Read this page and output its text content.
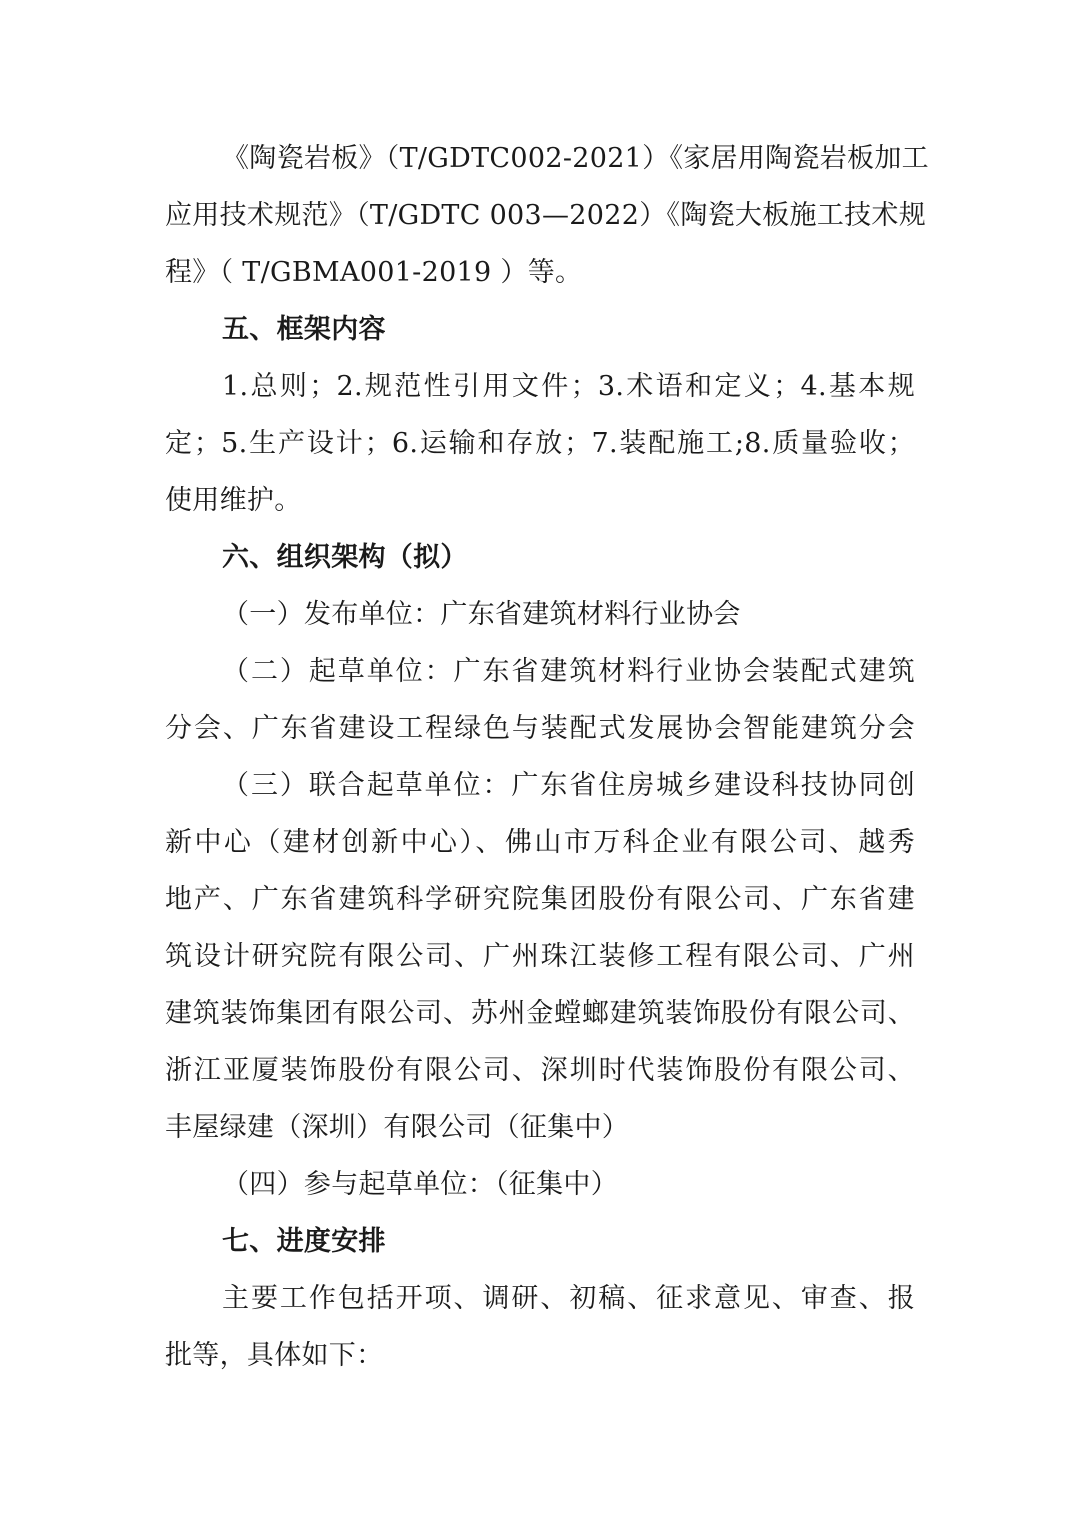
《陶瓷岩板》（T/GDTC002-2021）《家居用陶瓷岩板加工
应用技术规范》（T/GDTC 003—2022）《陶瓷大板施工技术规
程》（ T/GBMA001-2019 ）等。
五、框架内容
1.总则；2.规范性引用文件；3.术语和定义；4.基本规
定；5.生产设计；6.运输和存放；7.装配施工;8.质量验收；
使用维护。
六、组织架构（拟）
（一）发布单位：广东省建筑材料行业协会
（二）起草单位：广东省建筑材料行业协会装配式建筑
分会、广东省建设工程绿色与装配式发展协会智能建筑分会
（三）联合起草单位：广东省住房城乡建设科技协同创
新中心（建材创新中心）、佛山市万科企业有限公司、越秀
地产、广东省建筑科学研究院集团股份有限公司、广东省建
筑设计研究院有限公司、广州珠江装修工程有限公司、广州
建筑装饰集团有限公司、苏州金螳螂建筑装饰股份有限公司、
浙江亚厦装饰股份有限公司、深圳时代装饰股份有限公司、
丰屋绿建（深圳）有限公司（征集中）
（四）参与起草单位：（征集中）
七、进度安排
主要工作包括开项、调研、初稿、征求意见、审查、报
批等，具体如下：
